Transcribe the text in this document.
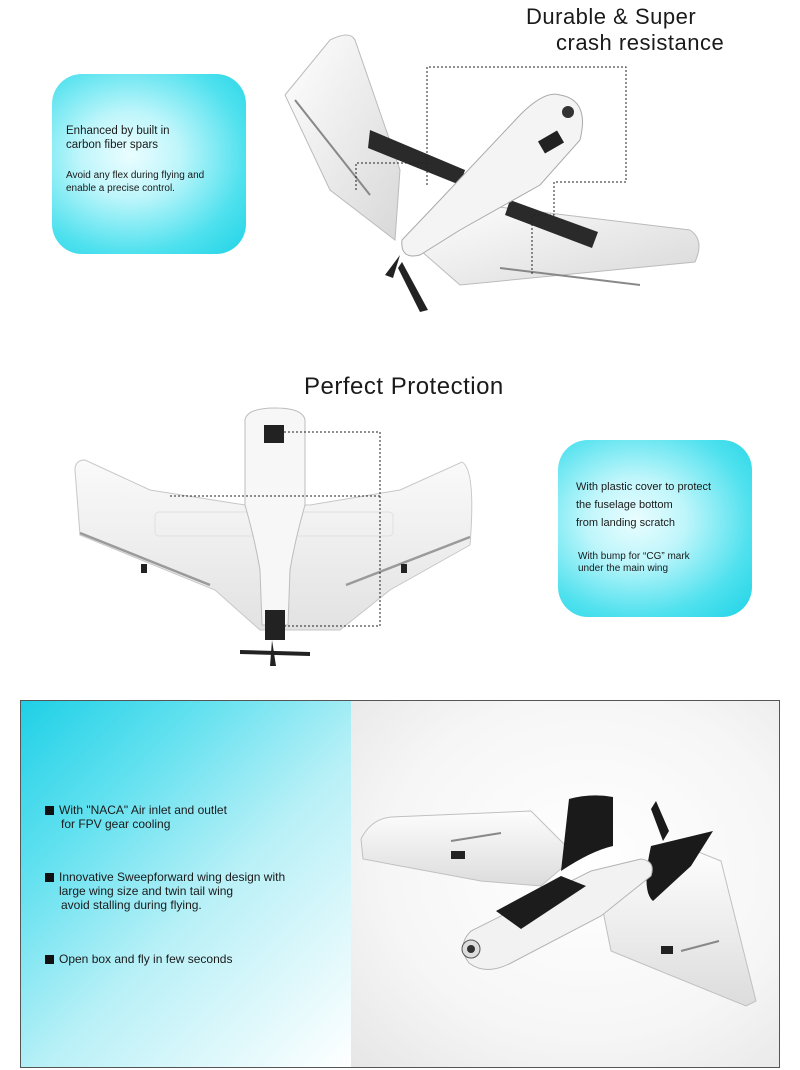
Durable & Super
crash resistance
Enhanced by built in
carbon fiber spars
Avoid any flex during flying and
enable a precise control.
Perfect Protection
With plastic cover to protect
the fuselage bottom
from landing scratch
With bump for “CG” mark
under the main wing
With "NACA" Air inlet and outlet
for FPV gear cooling
Innovative Sweepforward wing design with
large wing size and twin tail wing
avoid stalling during flying.
Open box and fly in few seconds
